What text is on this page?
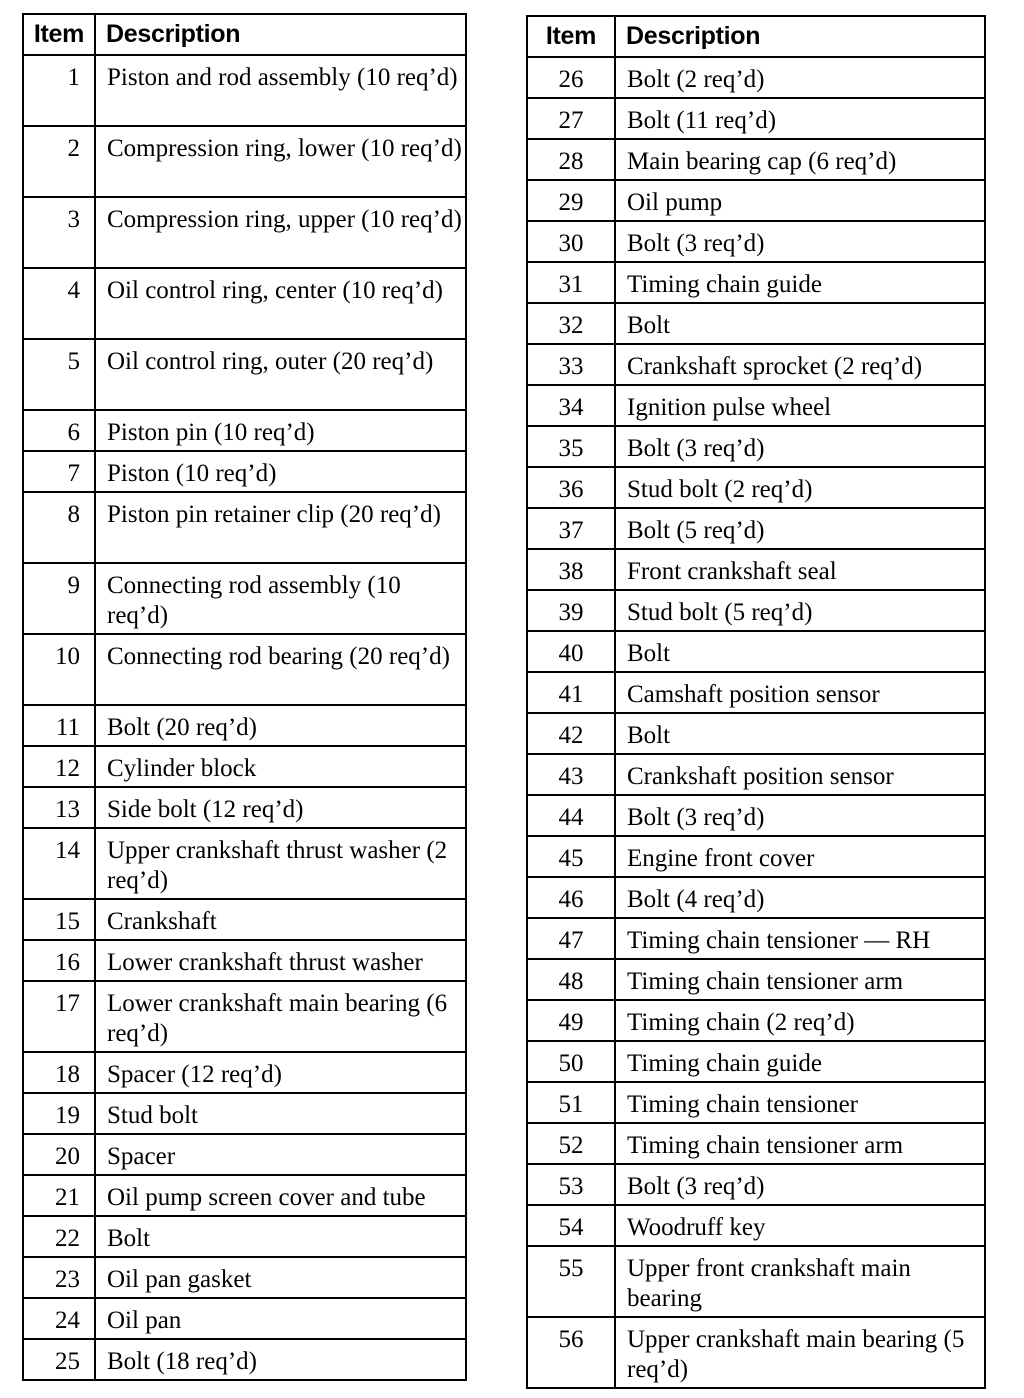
Item	Description
1	Piston and rod assembly (10 req’d)
2	Compression ring, lower (10 req’d)
3	Compression ring, upper (10 req’d)
4	Oil control ring, center (10 req’d)
5	Oil control ring, outer (20 req’d)
6	Piston pin (10 req’d)
7	Piston (10 req’d)
8	Piston pin retainer clip (20 req’d)
9	Connecting rod assembly (10 req’d)
10	Connecting rod bearing (20 req’d)
11	Bolt (20 req’d)
12	Cylinder block
13	Side bolt (12 req’d)
14	Upper crankshaft thrust washer (2 req’d)
15	Crankshaft
16	Lower crankshaft thrust washer
17	Lower crankshaft main bearing (6 req’d)
18	Spacer (12 req’d)
19	Stud bolt
20	Spacer
21	Oil pump screen cover and tube
22	Bolt
23	Oil pan gasket
24	Oil pan
25	Bolt (18 req’d)
Item	Description
26	Bolt (2 req’d)
27	Bolt (11 req’d)
28	Main bearing cap (6 req’d)
29	Oil pump
30	Bolt (3 req’d)
31	Timing chain guide
32	Bolt
33	Crankshaft sprocket (2 req’d)
34	Ignition pulse wheel
35	Bolt (3 req’d)
36	Stud bolt (2 req’d)
37	Bolt (5 req’d)
38	Front crankshaft seal
39	Stud bolt (5 req’d)
40	Bolt
41	Camshaft position sensor
42	Bolt
43	Crankshaft position sensor
44	Bolt (3 req’d)
45	Engine front cover
46	Bolt (4 req’d)
47	Timing chain tensioner — RH
48	Timing chain tensioner arm
49	Timing chain (2 req’d)
50	Timing chain guide
51	Timing chain tensioner
52	Timing chain tensioner arm
53	Bolt (3 req’d)
54	Woodruff key
55	Upper front crankshaft main bearing
56	Upper crankshaft main bearing (5 req’d)
